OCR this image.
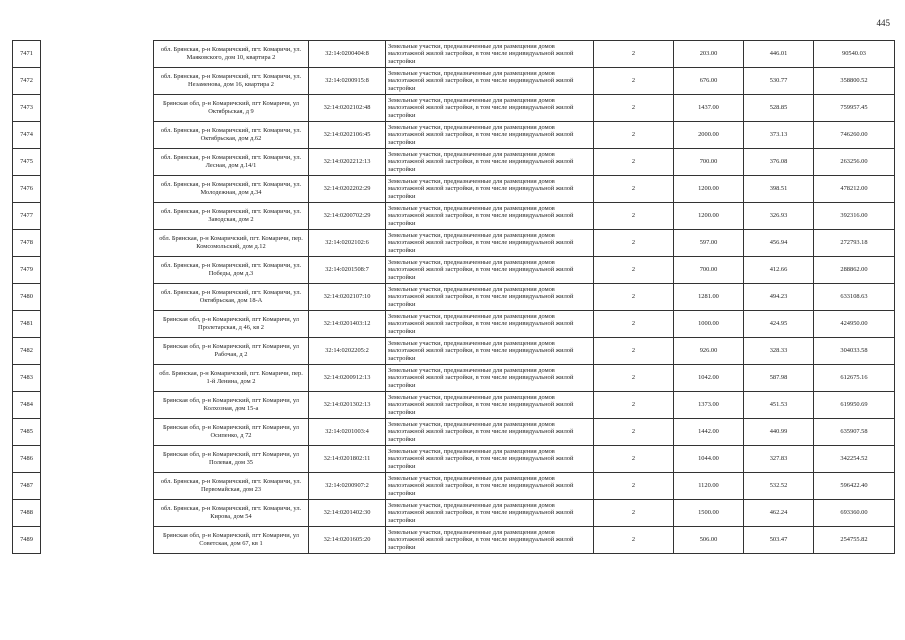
445
7471		обл. Брянская, р-н Комаричский, пгт. Комаричи, ул. Маяковского, дом 10, квартира 2	32:14:0200404:8	Земельные участки, предназначенные для размещения домов малоэтажной жилой застройки, в том числе индивидуальной жилой застройки	2	203.00	446.01	90540.03
7472		обл. Брянская, р-н Комаричский, пгт. Комаричи, ул. Незаменова, дом 16, квартира 2	32:14:0200915:8	Земельные участки, предназначенные для размещения домов малоэтажной жилой застройки, в том числе индивидуальной жилой застройки	2	676.00	530.77	358800.52
7473		Брянская обл, р-н Комаричский, пгт Комаричи, ул Октябрьская, д 9	32:14:0202102:48	Земельные участки, предназначенные для размещения домов малоэтажной жилой застройки, в том числе индивидуальной жилой застройки	2	1437.00	528.85	759957.45
7474		обл. Брянская, р-н Комаричский, пгт. Комаричи, ул. Октябрьская, дом д.62	32:14:0202106:45	Земельные участки, предназначенные для размещения домов малоэтажной жилой застройки, в том числе индивидуальной жилой застройки	2	2000.00	373.13	746260.00
7475		обл. Брянская, р-н Комаричский, пгт. Комаричи, ул. Лесная, дом д.14/1	32:14:0202212:13	Земельные участки, предназначенные для размещения домов малоэтажной жилой застройки, в том числе индивидуальной жилой застройки	2	700.00	376.08	263256.00
7476		обл. Брянская, р-н Комаричский, пгт. Комаричи, ул. Молодежная, дом д.34	32:14:0202202:29	Земельные участки, предназначенные для размещения домов малоэтажной жилой застройки, в том числе индивидуальной жилой застройки	2	1200.00	398.51	478212.00
7477		обл. Брянская, р-н Комаричский, пгт. Комаричи, ул. Заводская, дом 2	32:14:0200702:29	Земельные участки, предназначенные для размещения домов малоэтажной жилой застройки, в том числе индивидуальной жилой застройки	2	1200.00	326.93	392316.00
7478		обл. Брянская, р-н Комаричский, пгт. Комаричи, пер. Комсомольский, дом д.12	32:14:0202102:6	Земельные участки, предназначенные для размещения домов малоэтажной жилой застройки, в том числе индивидуальной жилой застройки	2	597.00	456.94	272793.18
7479		обл. Брянская, р-н Комаричский, пгт. Комаричи, ул. Победы, дом д.3	32:14:0201508:7	Земельные участки, предназначенные для размещения домов малоэтажной жилой застройки, в том числе индивидуальной жилой застройки	2	700.00	412.66	288862.00
7480		обл. Брянская, р-н Комаричский, пгт. Комаричи, ул. Октябрьская, дом 18-А	32:14:0202107:10	Земельные участки, предназначенные для размещения домов малоэтажной жилой застройки, в том числе индивидуальной жилой застройки	2	1281.00	494.23	633108.63
7481		Брянская обл, р-н Комаричский, пгт Комаричи, ул Пролетарская, д 46, кв 2	32:14:0201403:12	Земельные участки, предназначенные для размещения домов малоэтажной жилой застройки, в том числе индивидуальной жилой застройки	2	1000.00	424.95	424950.00
7482		Брянская обл, р-н Комаричский, пгт Комаричи, ул Рабочая, д 2	32:14:0202205:2	Земельные участки, предназначенные для размещения домов малоэтажной жилой застройки, в том числе индивидуальной жилой застройки	2	926.00	328.33	304033.58
7483		обл. Брянская, р-н Комаричский, пгт. Комаричи, пер. 1-й Ленина, дом 2	32:14:0200912:13	Земельные участки, предназначенные для размещения домов малоэтажной жилой застройки, в том числе индивидуальной жилой застройки	2	1042.00	587.98	612675.16
7484		Брянская обл, р-н Комаричский, пгт Комаричи, ул Колхозная, дом 15-а	32:14:0201302:13	Земельные участки, предназначенные для размещения домов малоэтажной жилой застройки, в том числе индивидуальной жилой застройки	2	1373.00	451.53	619950.69
7485		Брянская обл, р-н Комаричский, пгт Комаричи, ул Осипенко, д 72	32:14:0201003:4	Земельные участки, предназначенные для размещения домов малоэтажной жилой застройки, в том числе индивидуальной жилой застройки	2	1442.00	440.99	635907.58
7486		Брянская обл, р-н Комаричский, пгт Комаричи, ул Полевая, дом 35	32:14:0201802:11	Земельные участки, предназначенные для размещения домов малоэтажной жилой застройки, в том числе индивидуальной жилой застройки	2	1044.00	327.83	342254.52
7487		обл. Брянская, р-н Комаричский, пгт. Комаричи, ул. Первомайская, дом 23	32:14:0200907:2	Земельные участки, предназначенные для размещения домов малоэтажной жилой застройки, в том числе индивидуальной жилой застройки	2	1120.00	532.52	596422.40
7488		обл. Брянская, р-н Комаричский, пгт. Комаричи, ул. Кирова, дом 54	32:14:0201402:30	Земельные участки, предназначенные для размещения домов малоэтажной жилой застройки, в том числе индивидуальной жилой застройки	2	1500.00	462.24	693360.00
7489		Брянская обл, р-н Комаричский, пгт Комаричи, ул Советская, дом 67, кв 1	32:14:0201605:20	Земельные участки, предназначенные для размещения домов малоэтажной жилой застройки, в том числе индивидуальной жилой застройки	2	506.00	503.47	254755.82
